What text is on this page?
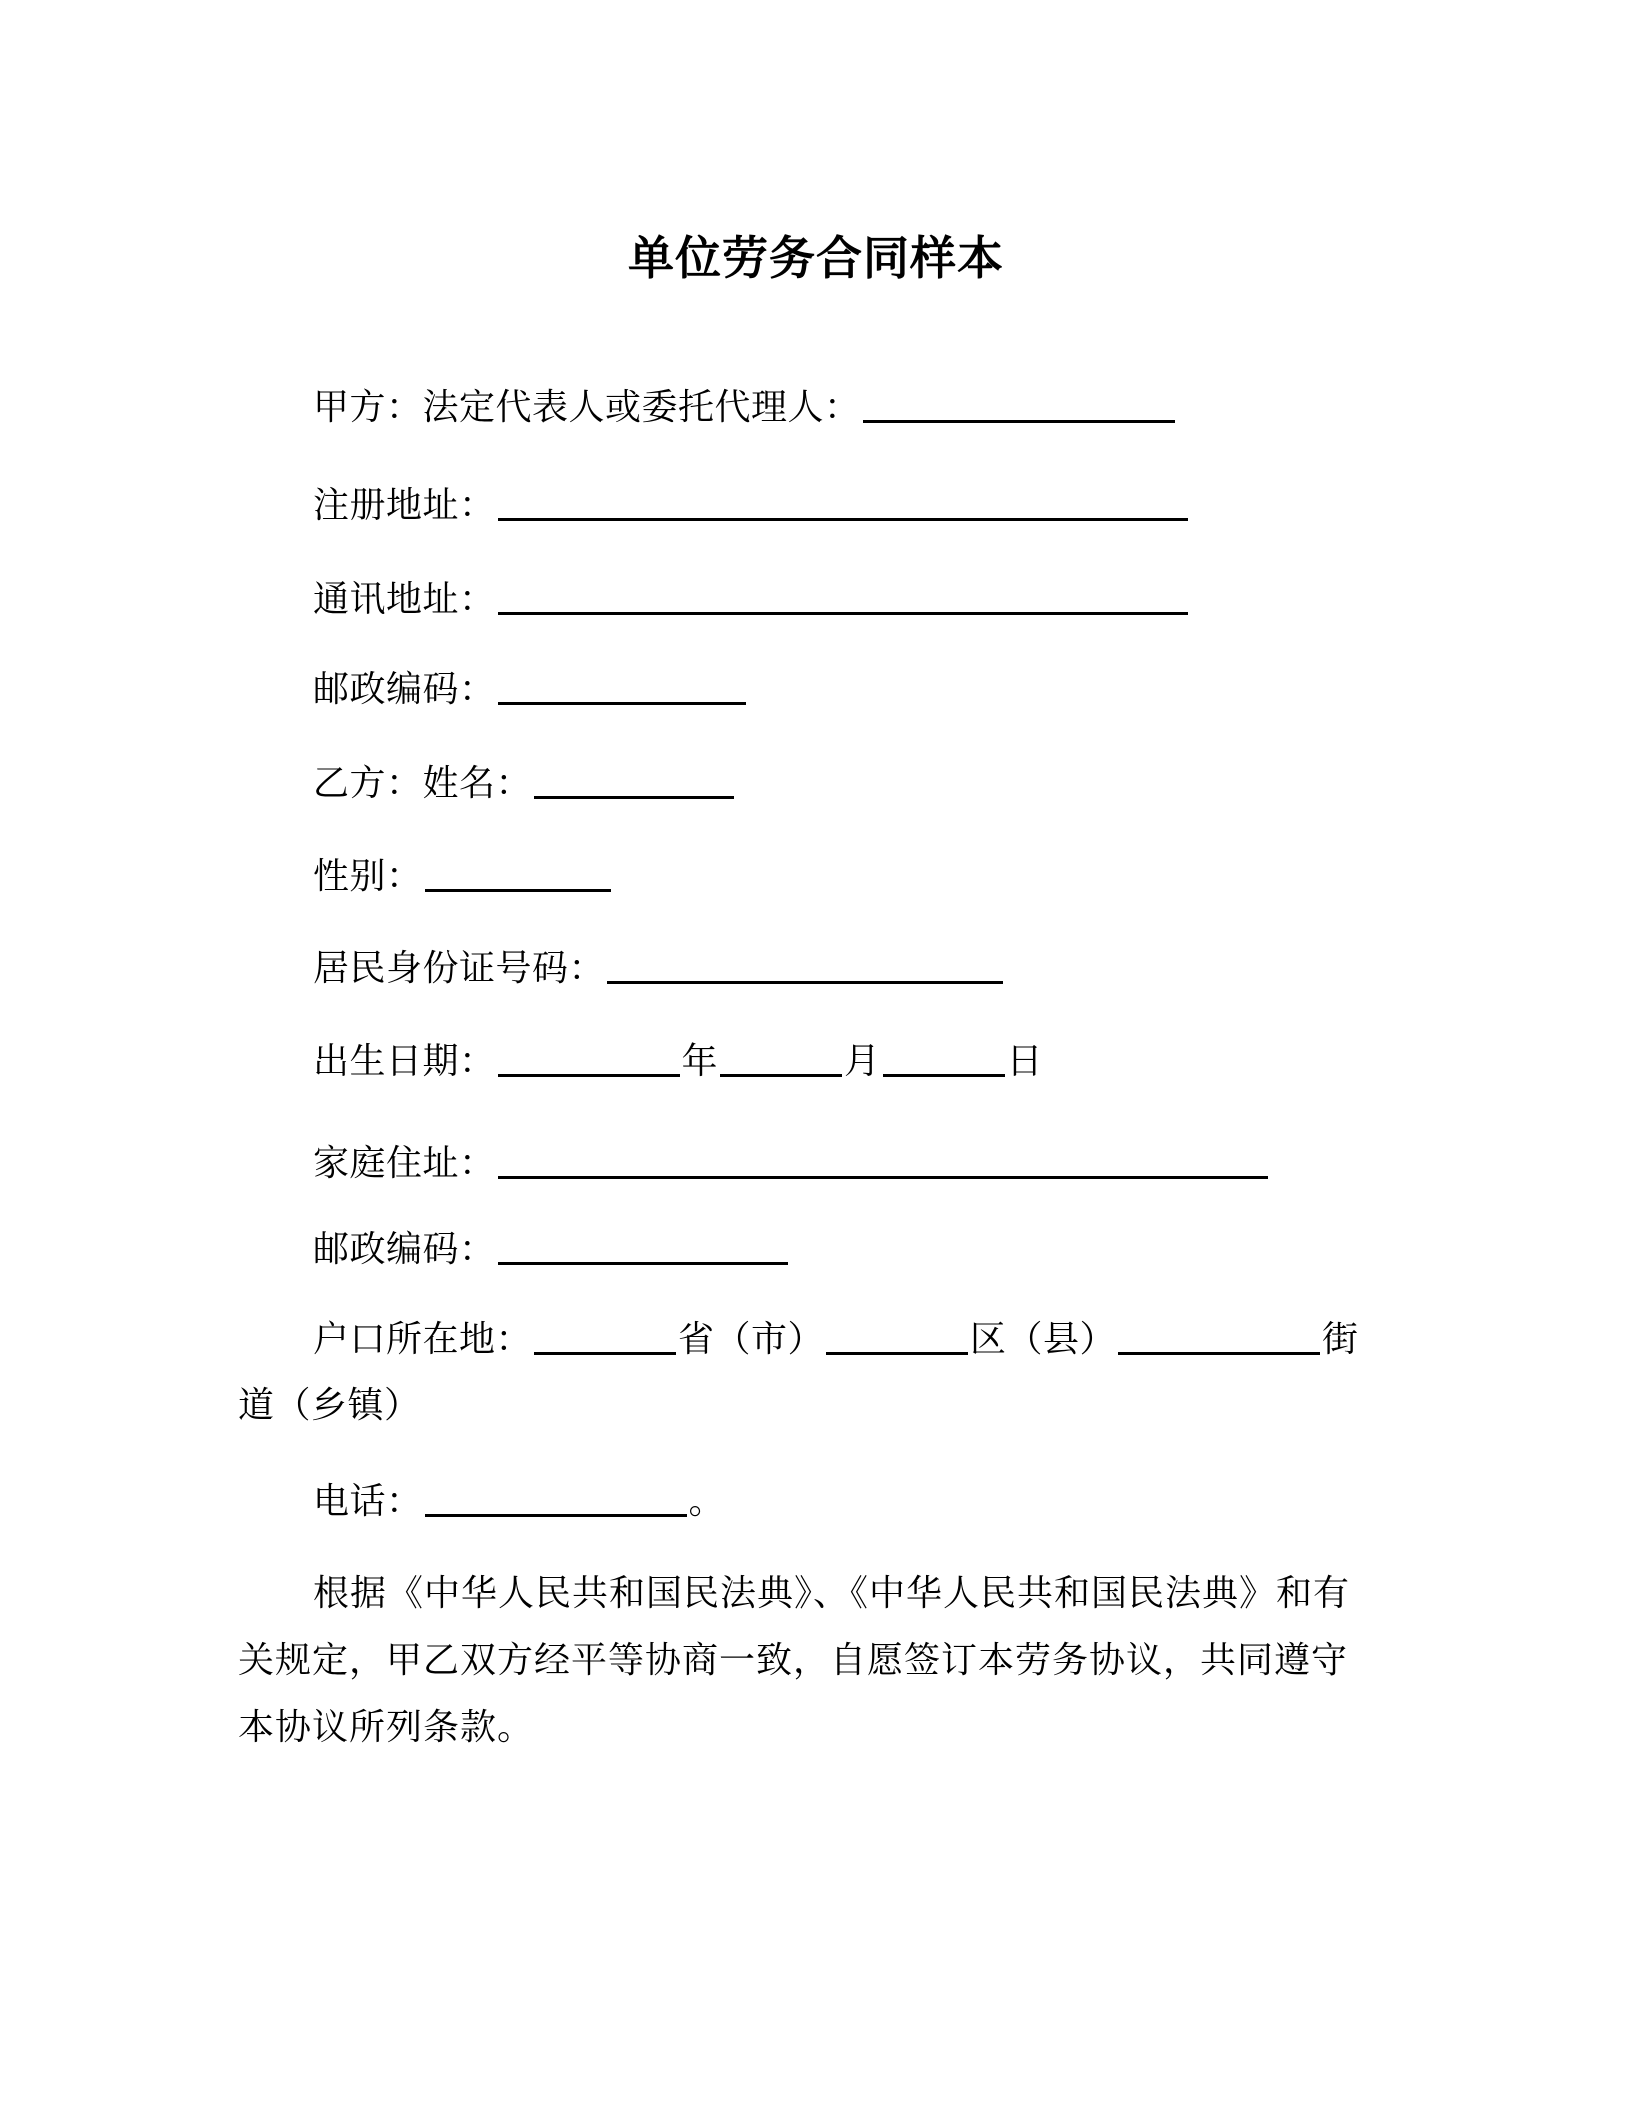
单位劳务合同样本
甲方：法定代表人或委托代理人：
注册地址：
通讯地址：
邮政编码：
乙方：姓名：
性别：
居民身份证号码：
出生日期：	年	月	日
家庭住址：
邮政编码：
户口所在地：	省（市）	区（县）	街
道（乡镇）
电话：	。
根据《中华人民共和国民法典》、《中华人民共和国民法典》和有关规定，甲乙双方经平等协商一致，自愿签订本劳务协议，共同遵守本协议所列条款。
